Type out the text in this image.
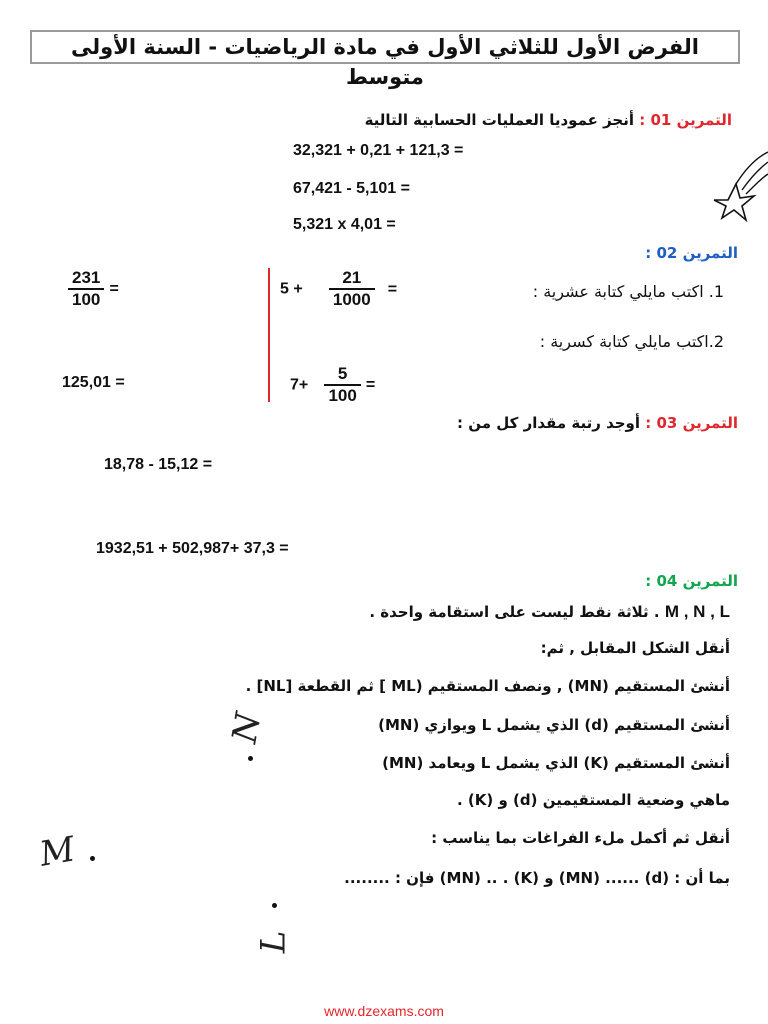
الفرض الأول للثلاثي الأول في مادة الرياضيات - السنة الأولى متوسط
التمرين 01 : أنجز عموديا العمليات الحسابية التالية
32,321 + 0,21 + 121,3 =
67,421 - 5,101 =
5,321 x 4,01 =
التمرين 02 :
$\frac{231}{100}$ =
125,01 =
$5 + \frac{21}{1000}$ =
$7+ \frac{5}{100}$ =
1. اكتب مايلي كتابة عشرية :
2.اكتب مايلي كتابة كسرية :
التمرين 03 : أوجد رتبة مقدار كل من :
18,78 - 15,12 =
1932,51 + 502,987+ 37,3 =
التمرين 04 :
M , N , L . ثلاثة نقط ليست على استقامة واحدة .
أنقل الشكل المقابل , ثم:
أنشئ المستقيم (MN) , ونصف المستقيم (ML ] ثم القطعة [NL] .
أنشئ المستقيم (d) الذي يشمل L ويوازي (MN)
أنشئ المستقيم (K) الذي يشمل L ويعامد (MN)
ماهي وضعية المستقيمين (d) و (K) .
أنقل ثم أكمل ملء الفراغات بما يناسب :
بما أن : (d) ...... (MN) و (K) . .. (MN) فإن : ........
N
M
L
www.dzexams.com
